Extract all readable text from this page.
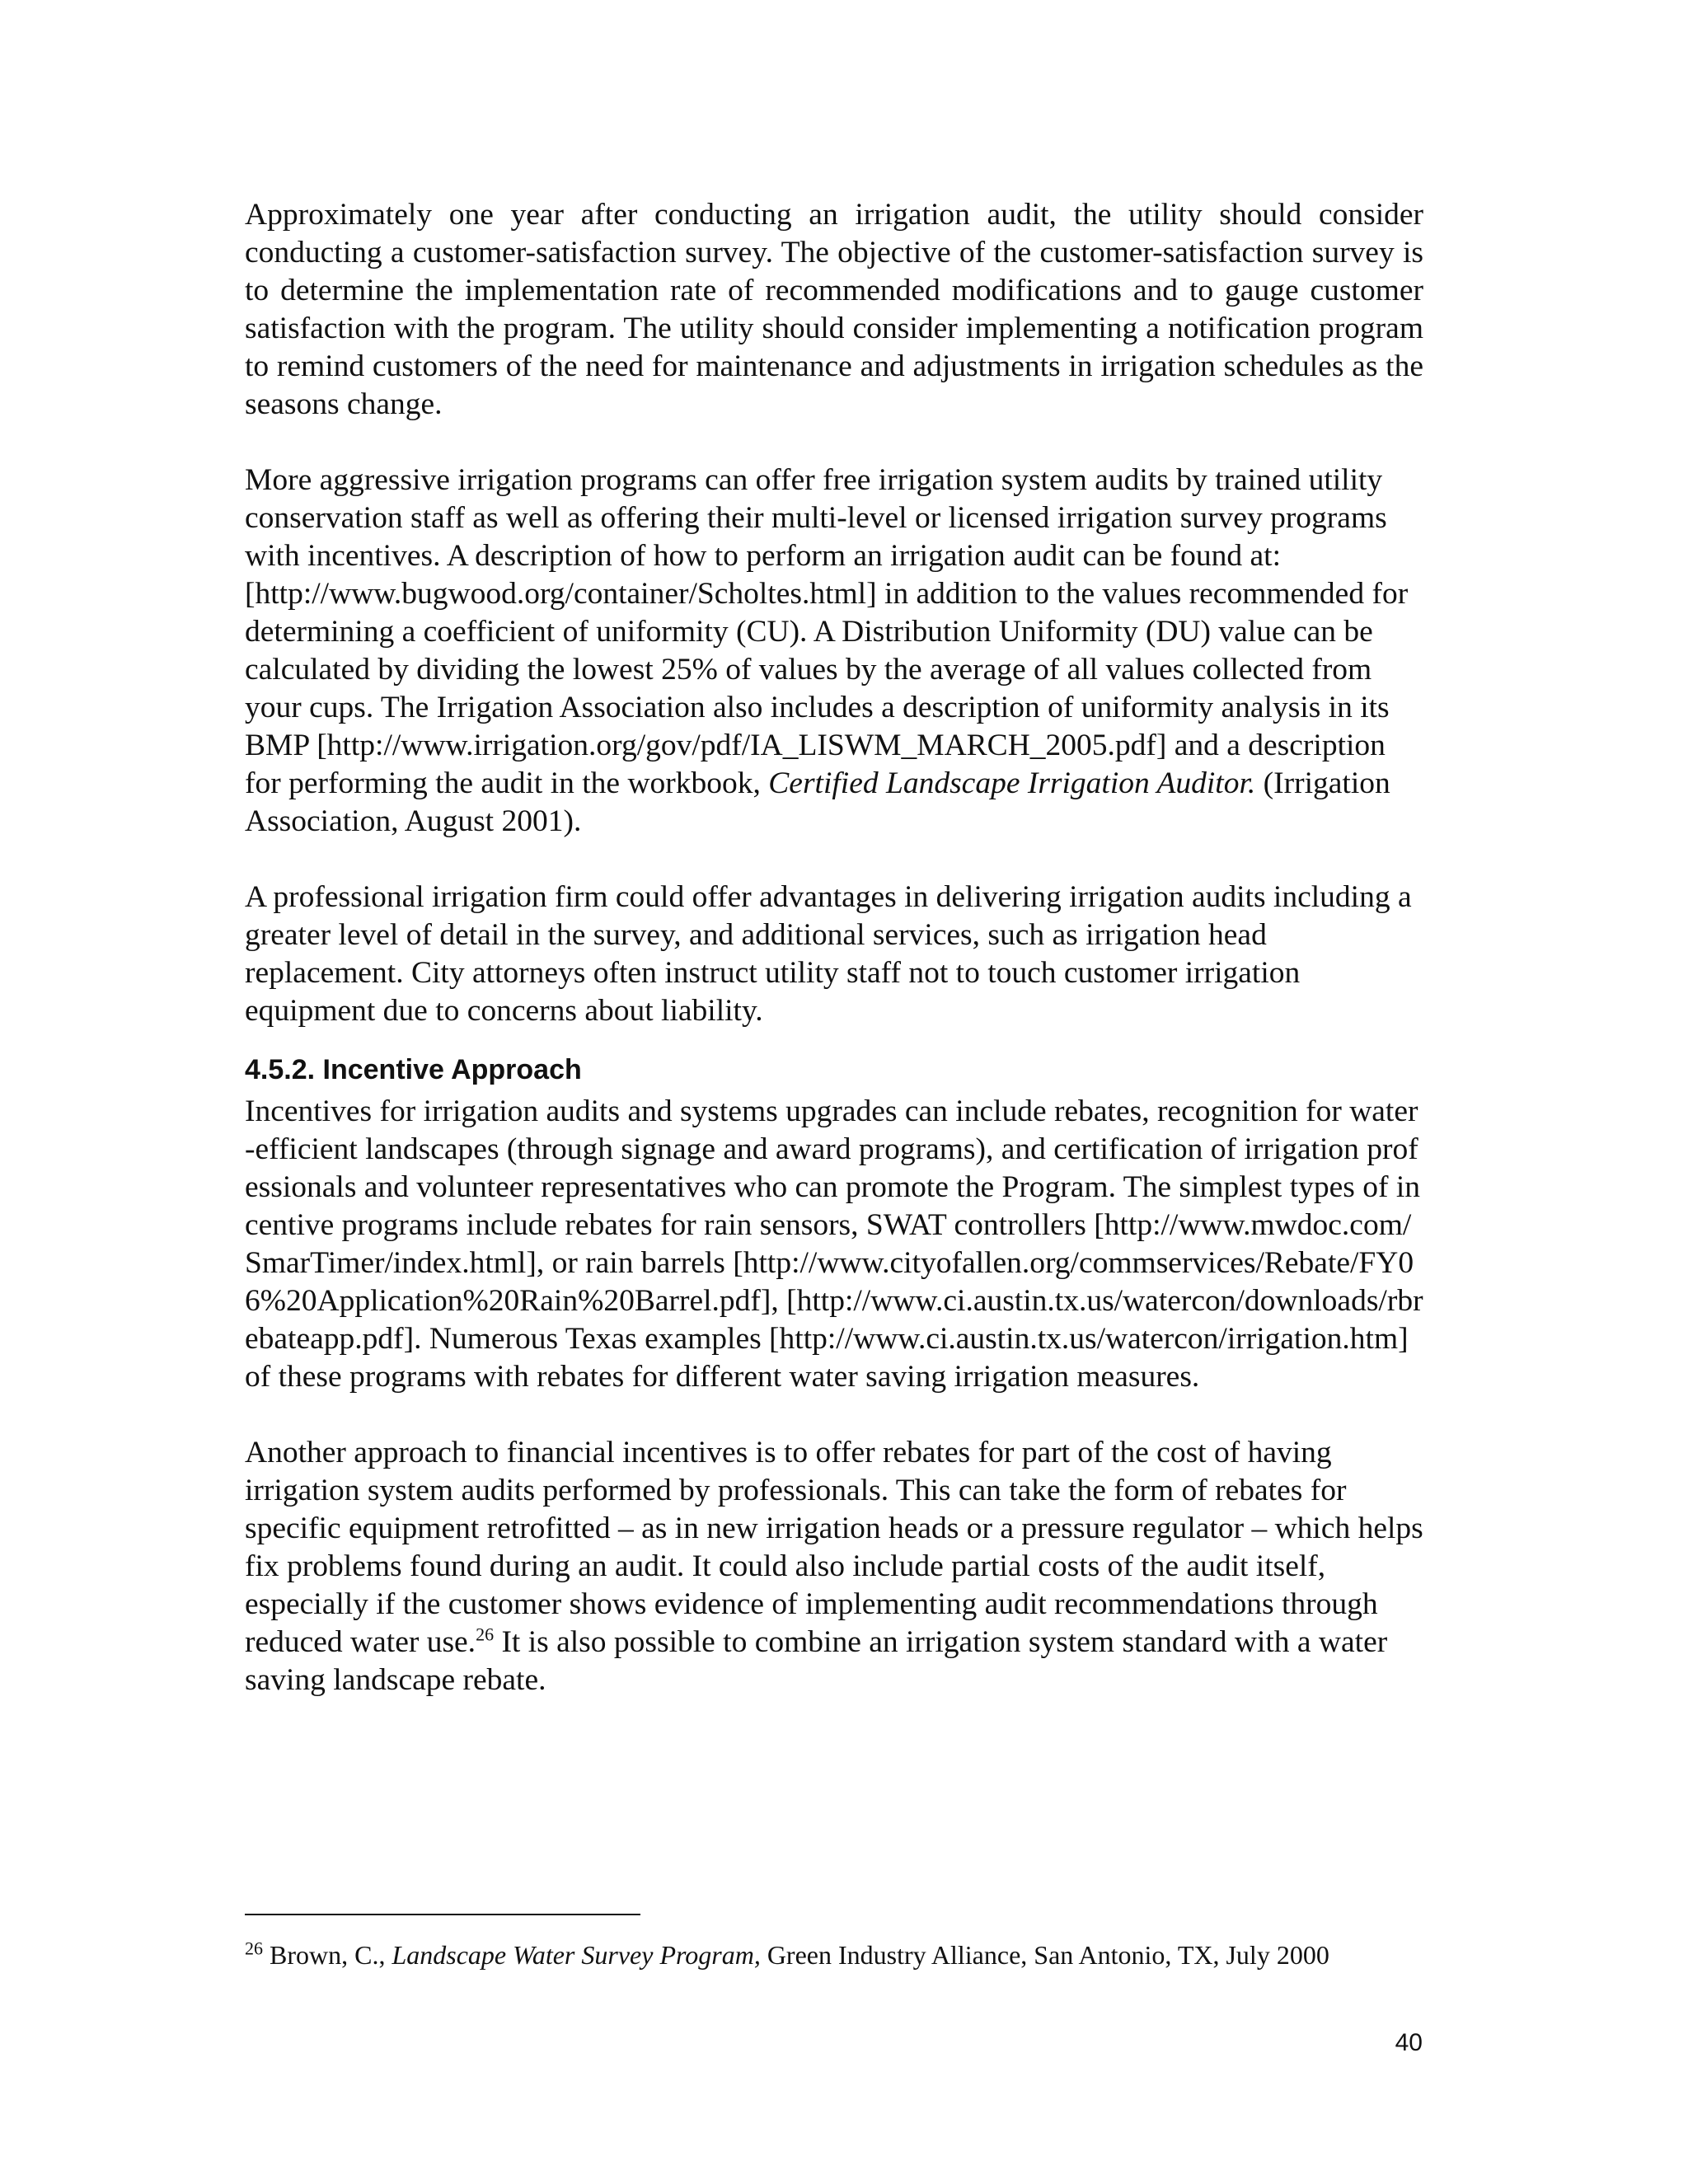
Approximately one year after conducting an irrigation audit, the utility should consider conducting a customer-satisfaction survey. The objective of the customer-satisfaction survey is to determine the implementation rate of recommended modifications and to gauge customer satisfaction with the program. The utility should consider implementing a notification program to remind customers of the need for maintenance and adjustments in irrigation schedules as the seasons change.

More aggressive irrigation programs can offer free irrigation system audits by trained utility conservation staff as well as offering their multi-level or licensed irrigation survey programs with incentives. A description of how to perform an irrigation audit can be found at: [http://www.bugwood.org/container/Scholtes.html] in addition to the values recommended for determining a coefficient of uniformity (CU). A Distribution Uniformity (DU) value can be calculated by dividing the lowest 25% of values by the average of all values collected from your cups. The Irrigation Association also includes a description of uniformity analysis in its BMP [http://www.irrigation.org/gov/pdf/IA_LISWM_MARCH_2005.pdf] and a description for performing the audit in the workbook, Certified Landscape Irrigation Auditor. (Irrigation Association, August 2001).

A professional irrigation firm could offer advantages in delivering irrigation audits including a greater level of detail in the survey, and additional services, such as irrigation head replacement. City attorneys often instruct utility staff not to touch customer irrigation equipment due to concerns about liability.

4.5.2. Incentive Approach

Incentives for irrigation audits and systems upgrades can include rebates, recognition for water-efficient landscapes (through signage and award programs), and certification of irrigation professionals and volunteer representatives who can promote the Program. The simplest types of incentive programs include rebates for rain sensors, SWAT controllers [http://www.mwdoc.com/SmarTimer/index.html], or rain barrels [http://www.cityofallen.org/commservices/Rebate/FY06%20Application%20Rain%20Barrel.pdf], [http://www.ci.austin.tx.us/watercon/downloads/rbrebateapp.pdf]. Numerous Texas examples [http://www.ci.austin.tx.us/watercon/irrigation.htm] of these programs with rebates for different water saving irrigation measures.

Another approach to financial incentives is to offer rebates for part of the cost of having irrigation system audits performed by professionals. This can take the form of rebates for specific equipment retrofitted – as in new irrigation heads or a pressure regulator – which helps fix problems found during an audit. It could also include partial costs of the audit itself, especially if the customer shows evidence of implementing audit recommendations through reduced water use.$^{26}$ It is also possible to combine an irrigation system standard with a water saving landscape rebate.

$^{26}$ Brown, C., Landscape Water Survey Program, Green Industry Alliance, San Antonio, TX, July 2000
40
